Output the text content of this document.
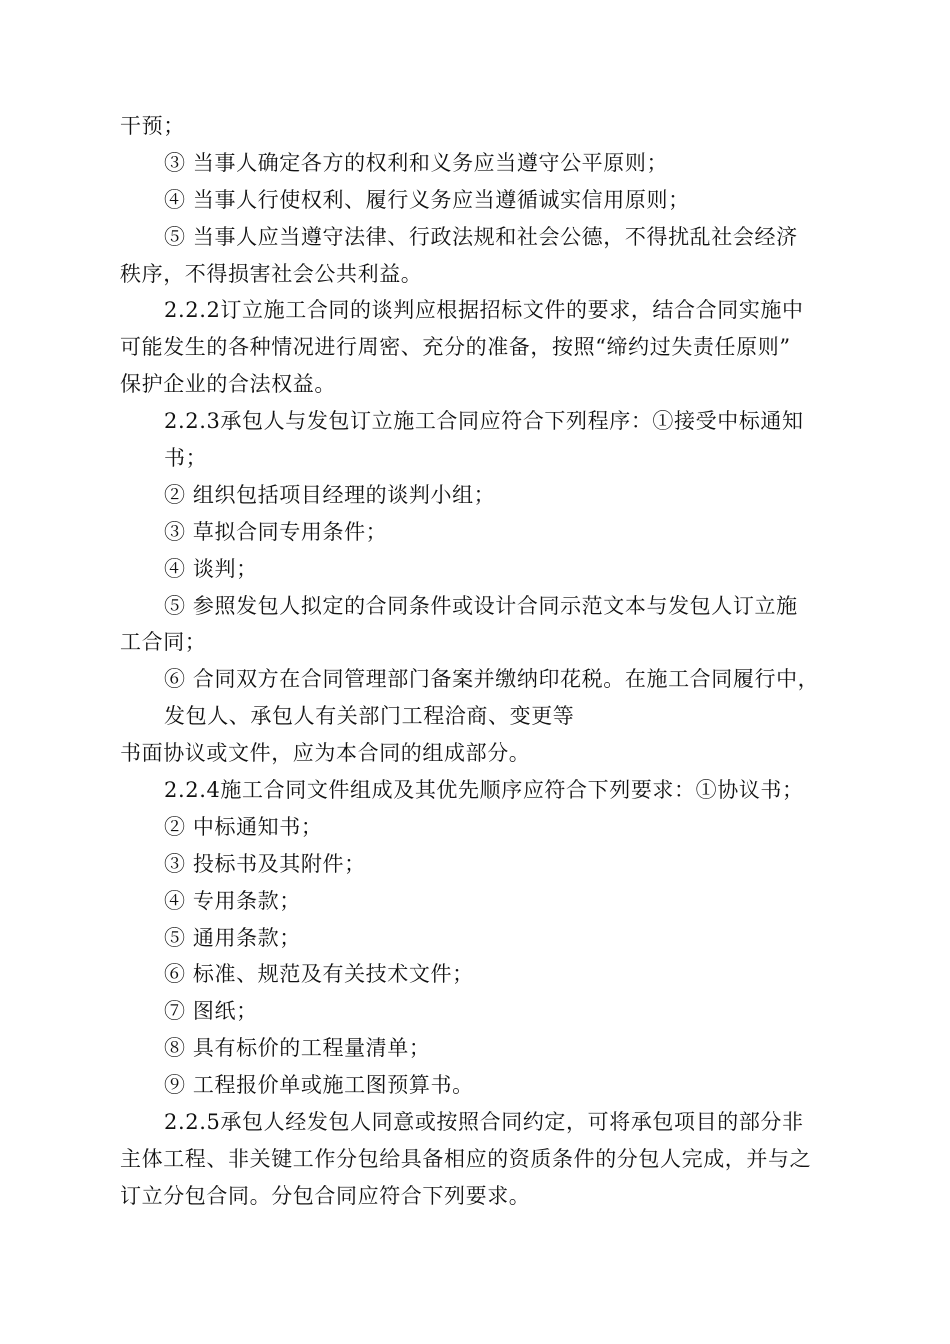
干预；
③ 当事人确定各方的权利和义务应当遵守公平原则；
④ 当事人行使权利、履行义务应当遵循诚实信用原则；
⑤ 当事人应当遵守法律、行政法规和社会公德，不得扰乱社会经济
秩序，不得损害社会公共利益。
2.2.2订立施工合同的谈判应根据招标文件的要求，结合合同实施中
可能发生的各种情况进行周密、充分的准备，按照“缔约过失责任原则”
保护企业的合法权益。
2.2.3承包人与发包订立施工合同应符合下列程序：①接受中标通知
书；
② 组织包括项目经理的谈判小组；
③ 草拟合同专用条件；
④ 谈判；
⑤ 参照发包人拟定的合同条件或设计合同示范文本与发包人订立施
工合同；
⑥ 合同双方在合同管理部门备案并缴纳印花税。在施工合同履行中，
发包人、承包人有关部门工程洽商、变更等
书面协议或文件，应为本合同的组成部分。
2.2.4施工合同文件组成及其优先顺序应符合下列要求：①协议书；
② 中标通知书；
③ 投标书及其附件；
④ 专用条款；
⑤ 通用条款；
⑥ 标准、规范及有关技术文件；
⑦ 图纸；
⑧ 具有标价的工程量清单；
⑨ 工程报价单或施工图预算书。
2.2.5承包人经发包人同意或按照合同约定，可将承包项目的部分非
主体工程、非关键工作分包给具备相应的资质条件的分包人完成，并与之
订立分包合同。分包合同应符合下列要求。
